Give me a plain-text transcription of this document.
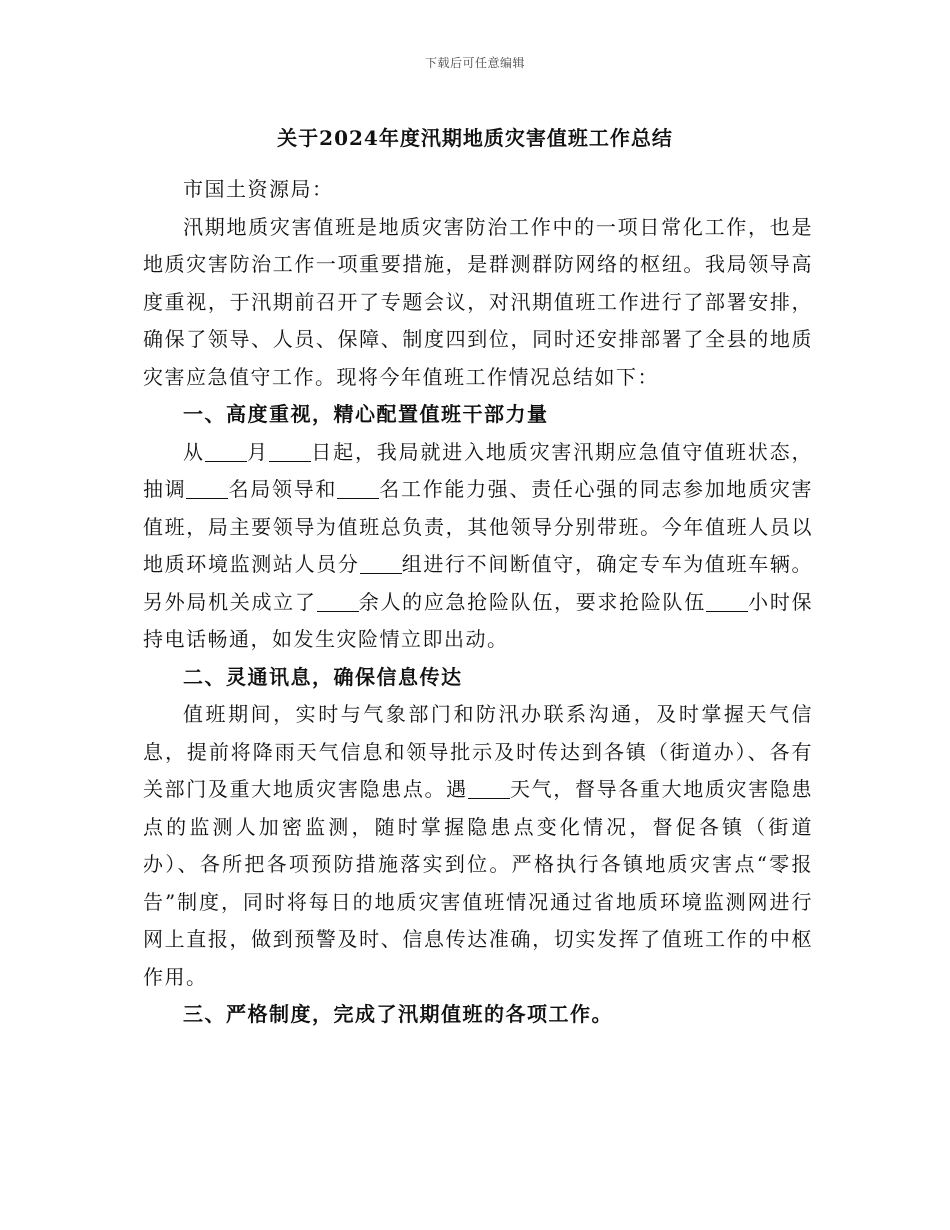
下载后可任意编辑
关于2024年度汛期地质灾害值班工作总结

市国土资源局：

汛期地质灾害值班是地质灾害防治工作中的一项日常化工作，也是地质灾害防治工作一项重要措施，是群测群防网络的枢纽。我局领导高度重视，于汛期前召开了专题会议，对汛期值班工作进行了部署安排，确保了领导、人员、保障、制度四到位，同时还安排部署了全县的地质灾害应急值守工作。现将今年值班工作情况总结如下：

一、高度重视，精心配置值班干部力量

从 月 日起，我局就进入地质灾害汛期应急值守值班状态，抽调 名局领导和 名工作能力强、责任心强的同志参加地质灾害值班，局主要领导为值班总负责，其他领导分别带班。今年值班人员以地质环境监测站人员分 组进行不间断值守，确定专车为值班车辆。另外局机关成立了 余人的应急抢险队伍，要求抢险队伍 小时保持电话畅通，如发生灾险情立即出动。

二、灵通讯息，确保信息传达

值班期间，实时与气象部门和防汛办联系沟通，及时掌握天气信息，提前将降雨天气信息和领导批示及时传达到各镇（街道办）、各有关部门及重大地质灾害隐患点。遇 天气，督导各重大地质灾害隐患点的监测人加密监测，随时掌握隐患点变化情况，督促各镇（街道办）、各所把各项预防措施落实到位。严格执行各镇地质灾害点“零报告”制度，同时将每日的地质灾害值班情况通过省地质环境监测网进行网上直报，做到预警及时、信息传达准确，切实发挥了值班工作的中枢作用。

三、严格制度，完成了汛期值班的各项工作。
